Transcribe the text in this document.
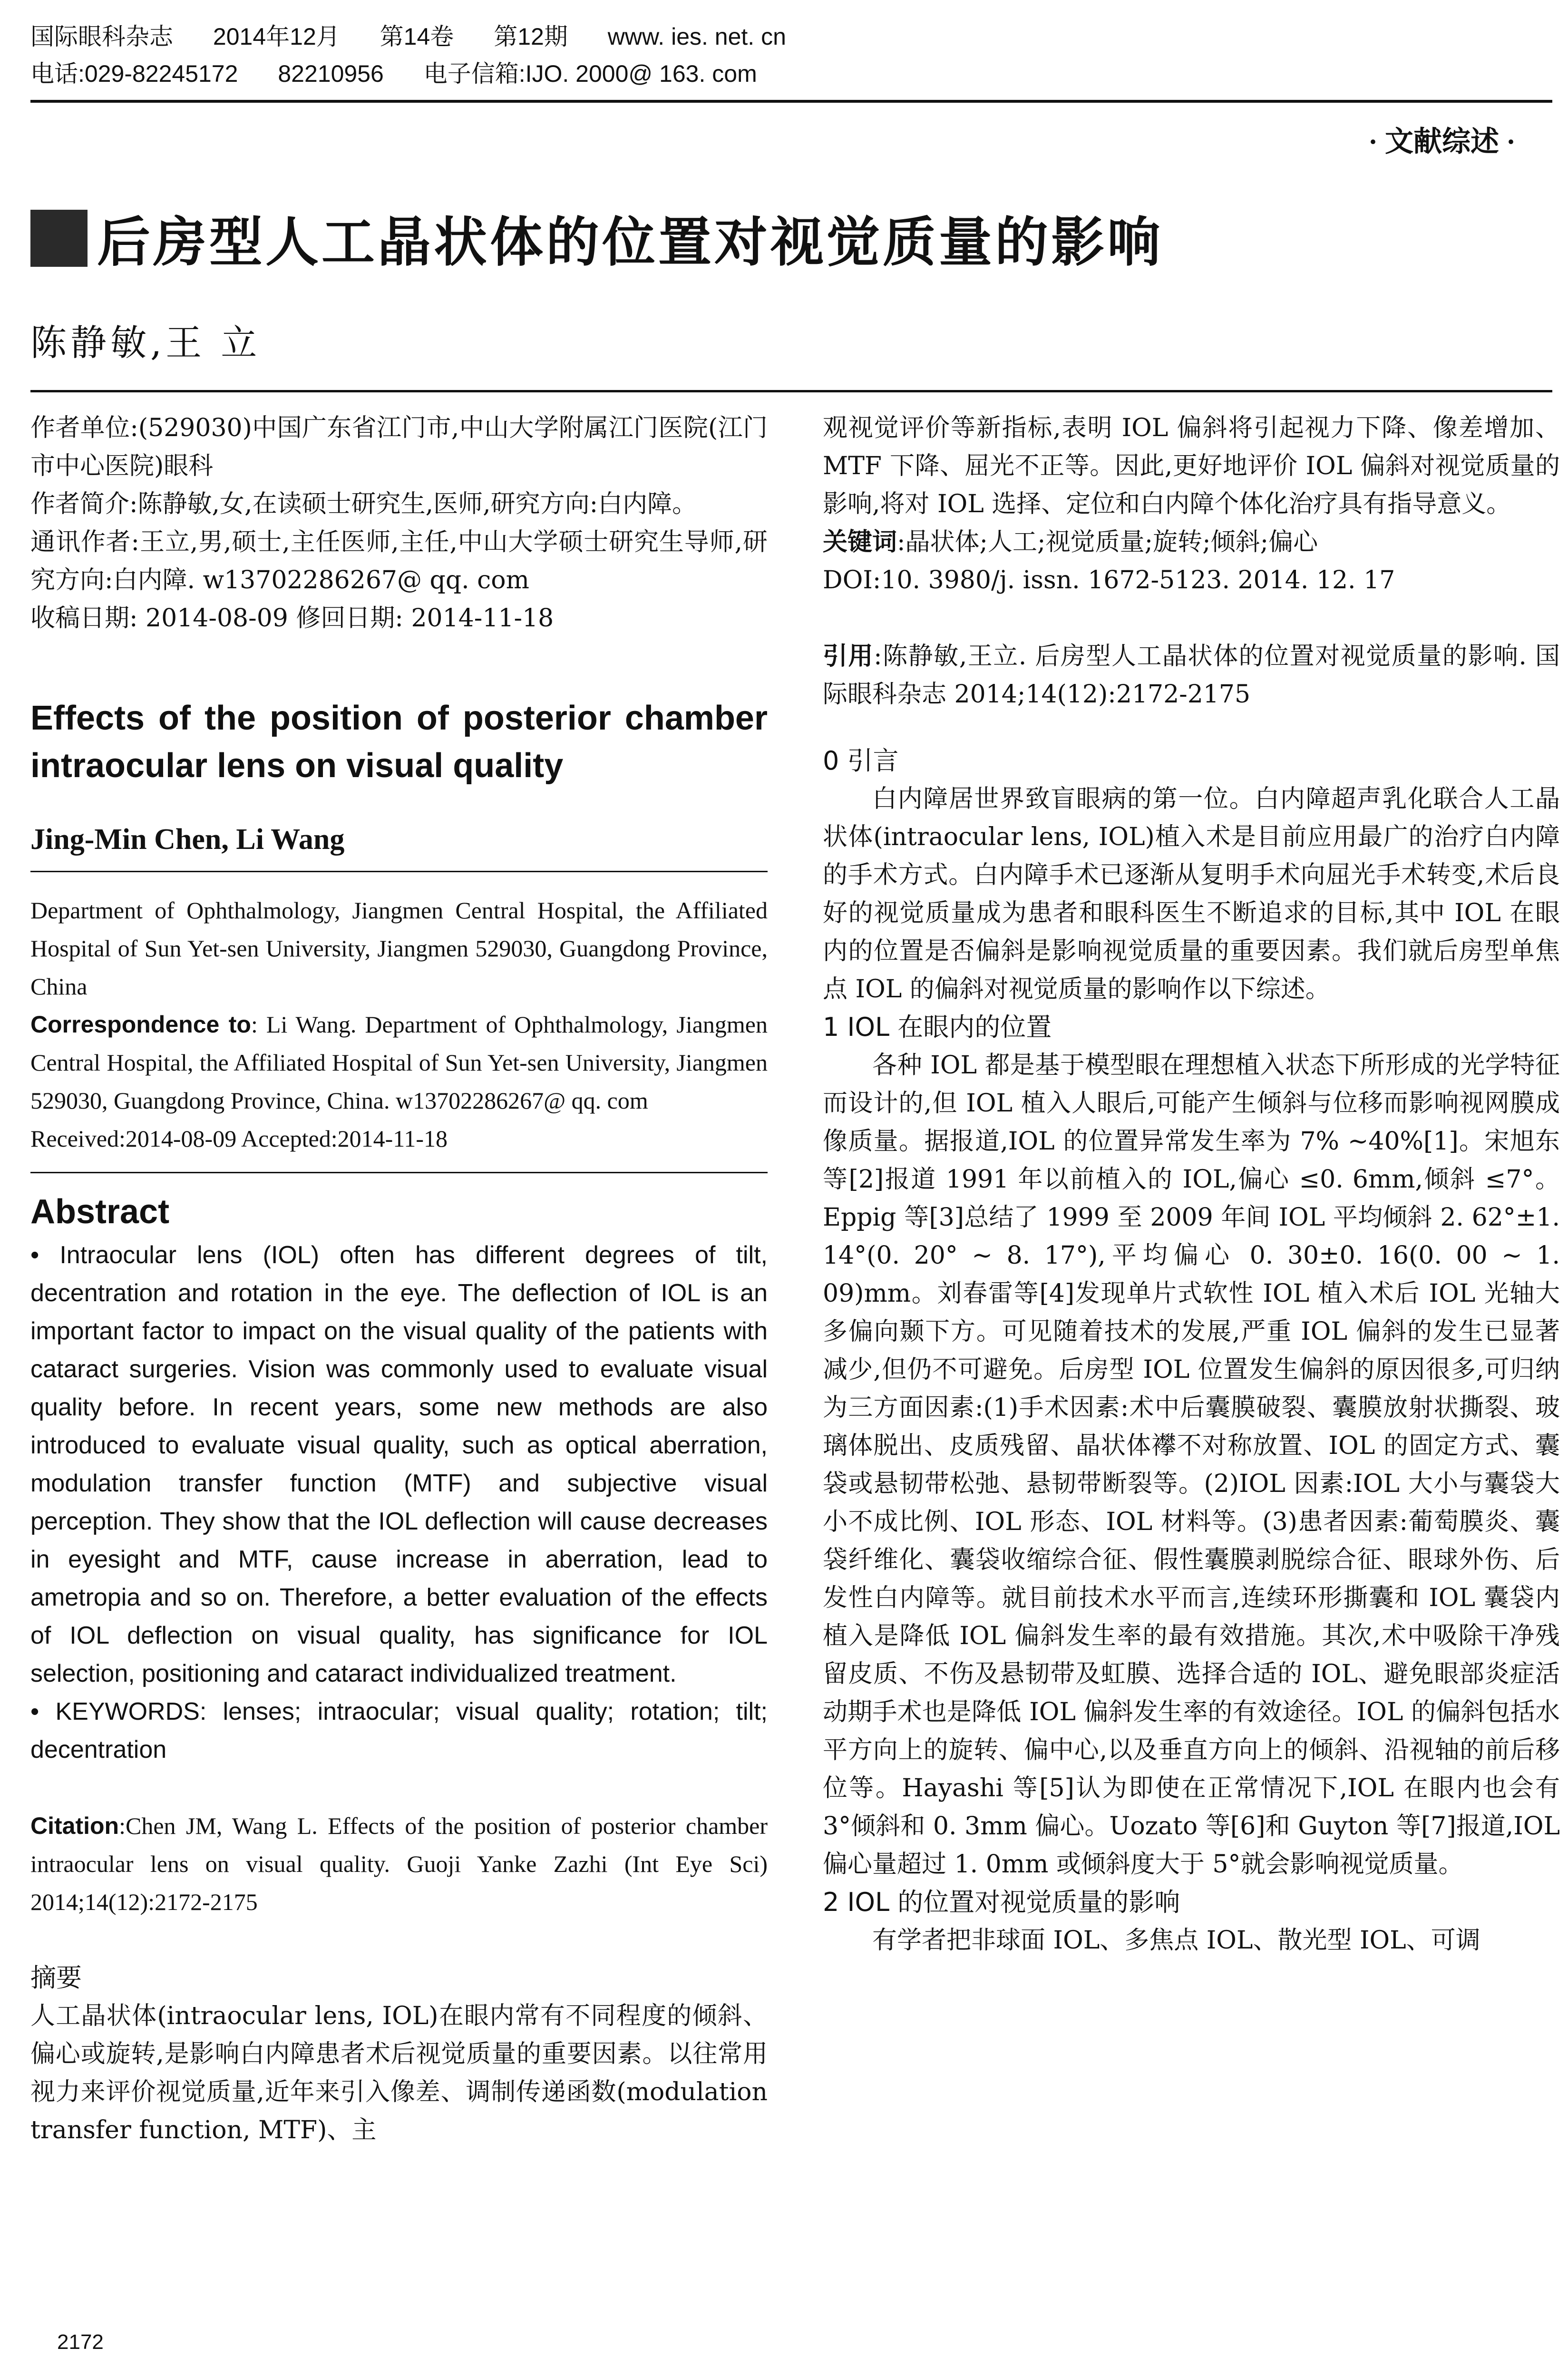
国际眼科杂志 2014年12月 第14卷 第12期 www. ies. net. cn
电话:029-82245172 82210956 电子信箱:IJO. 2000@ 163. com
· 文献综述 ·
后房型人工晶状体的位置对视觉质量的影响
陈静敏,王 立

作者单位:(529030)中国广东省江门市,中山大学附属江门医院(江门市中心医院)眼科

作者简介:陈静敏,女,在读硕士研究生,医师,研究方向:白内障。

通讯作者:王立,男,硕士,主任医师,主任,中山大学硕士研究生导师,研究方向:白内障. w13702286267@ qq. com

收稿日期: 2014-08-09 修回日期: 2014-11-18

Effects of the position of posterior chamber intraocular lens on visual quality

Jing-Min Chen, Li Wang

Department of Ophthalmology, Jiangmen Central Hospital, the Affiliated Hospital of Sun Yet-sen University, Jiangmen 529030, Guangdong Province, China

Correspondence to: Li Wang. Department of Ophthalmology, Jiangmen Central Hospital, the Affiliated Hospital of Sun Yet-sen University, Jiangmen 529030, Guangdong Province, China. w13702286267@ qq. com

Received:2014-08-09 Accepted:2014-11-18

Abstract

• Intraocular lens (IOL) often has different degrees of tilt, decentration and rotation in the eye. The deflection of IOL is an important factor to impact on the visual quality of the patients with cataract surgeries. Vision was commonly used to evaluate visual quality before. In recent years, some new methods are also introduced to evaluate visual quality, such as optical aberration, modulation transfer function (MTF) and subjective visual perception. They show that the IOL deflection will cause decreases in eyesight and MTF, cause increase in aberration, lead to ametropia and so on. Therefore, a better evaluation of the effects of IOL deflection on visual quality, has significance for IOL selection, positioning and cataract individualized treatment.

• KEYWORDS: lenses; intraocular; visual quality; rotation; tilt; decentration

Citation:Chen JM, Wang L. Effects of the position of posterior chamber intraocular lens on visual quality. Guoji Yanke Zazhi (Int Eye Sci) 2014;14(12):2172-2175

摘要

人工晶状体(intraocular lens, IOL)在眼内常有不同程度的倾斜、偏心或旋转,是影响白内障患者术后视觉质量的重要因素。以往常用视力来评价视觉质量,近年来引入像差、调制传递函数(modulation transfer function, MTF)、主

观视觉评价等新指标,表明 IOL 偏斜将引起视力下降、像差增加、MTF 下降、屈光不正等。因此,更好地评价 IOL 偏斜对视觉质量的影响,将对 IOL 选择、定位和白内障个体化治疗具有指导意义。

关键词:晶状体;人工;视觉质量;旋转;倾斜;偏心

DOI:10. 3980/j. issn. 1672-5123. 2014. 12. 17

引用:陈静敏,王立. 后房型人工晶状体的位置对视觉质量的影响. 国际眼科杂志 2014;14(12):2172-2175

0 引言

白内障居世界致盲眼病的第一位。白内障超声乳化联合人工晶状体(intraocular lens, IOL)植入术是目前应用最广的治疗白内障的手术方式。白内障手术已逐渐从复明手术向屈光手术转变,术后良好的视觉质量成为患者和眼科医生不断追求的目标,其中 IOL 在眼内的位置是否偏斜是影响视觉质量的重要因素。我们就后房型单焦点 IOL 的偏斜对视觉质量的影响作以下综述。

1 IOL 在眼内的位置

各种 IOL 都是基于模型眼在理想植入状态下所形成的光学特征而设计的,但 IOL 植入人眼后,可能产生倾斜与位移而影响视网膜成像质量。据报道,IOL 的位置异常发生率为 7% ~40%[1]。宋旭东等[2]报道 1991 年以前植入的 IOL,偏心 ≤0. 6mm,倾斜 ≤7°。Eppig 等[3]总结了 1999 至 2009 年间 IOL 平均倾斜 2. 62°±1. 14°(0. 20° ~ 8. 17°),平均偏心 0. 30±0. 16(0. 00 ~ 1. 09)mm。刘春雷等[4]发现单片式软性 IOL 植入术后 IOL 光轴大多偏向颞下方。可见随着技术的发展,严重 IOL 偏斜的发生已显著减少,但仍不可避免。后房型 IOL 位置发生偏斜的原因很多,可归纳为三方面因素:(1)手术因素:术中后囊膜破裂、囊膜放射状撕裂、玻璃体脱出、皮质残留、晶状体襻不对称放置、IOL 的固定方式、囊袋或悬韧带松弛、悬韧带断裂等。(2)IOL 因素:IOL 大小与囊袋大小不成比例、IOL 形态、IOL 材料等。(3)患者因素:葡萄膜炎、囊袋纤维化、囊袋收缩综合征、假性囊膜剥脱综合征、眼球外伤、后发性白内障等。就目前技术水平而言,连续环形撕囊和 IOL 囊袋内植入是降低 IOL 偏斜发生率的最有效措施。其次,术中吸除干净残留皮质、不伤及悬韧带及虹膜、选择合适的 IOL、避免眼部炎症活动期手术也是降低 IOL 偏斜发生率的有效途径。IOL 的偏斜包括水平方向上的旋转、偏中心,以及垂直方向上的倾斜、沿视轴的前后移位等。Hayashi 等[5]认为即使在正常情况下,IOL 在眼内也会有 3°倾斜和 0. 3mm 偏心。Uozato 等[6]和 Guyton 等[7]报道,IOL 偏心量超过 1. 0mm 或倾斜度大于 5°就会影响视觉质量。

2 IOL 的位置对视觉质量的影响

有学者把非球面 IOL、多焦点 IOL、散光型 IOL、可调

2172
